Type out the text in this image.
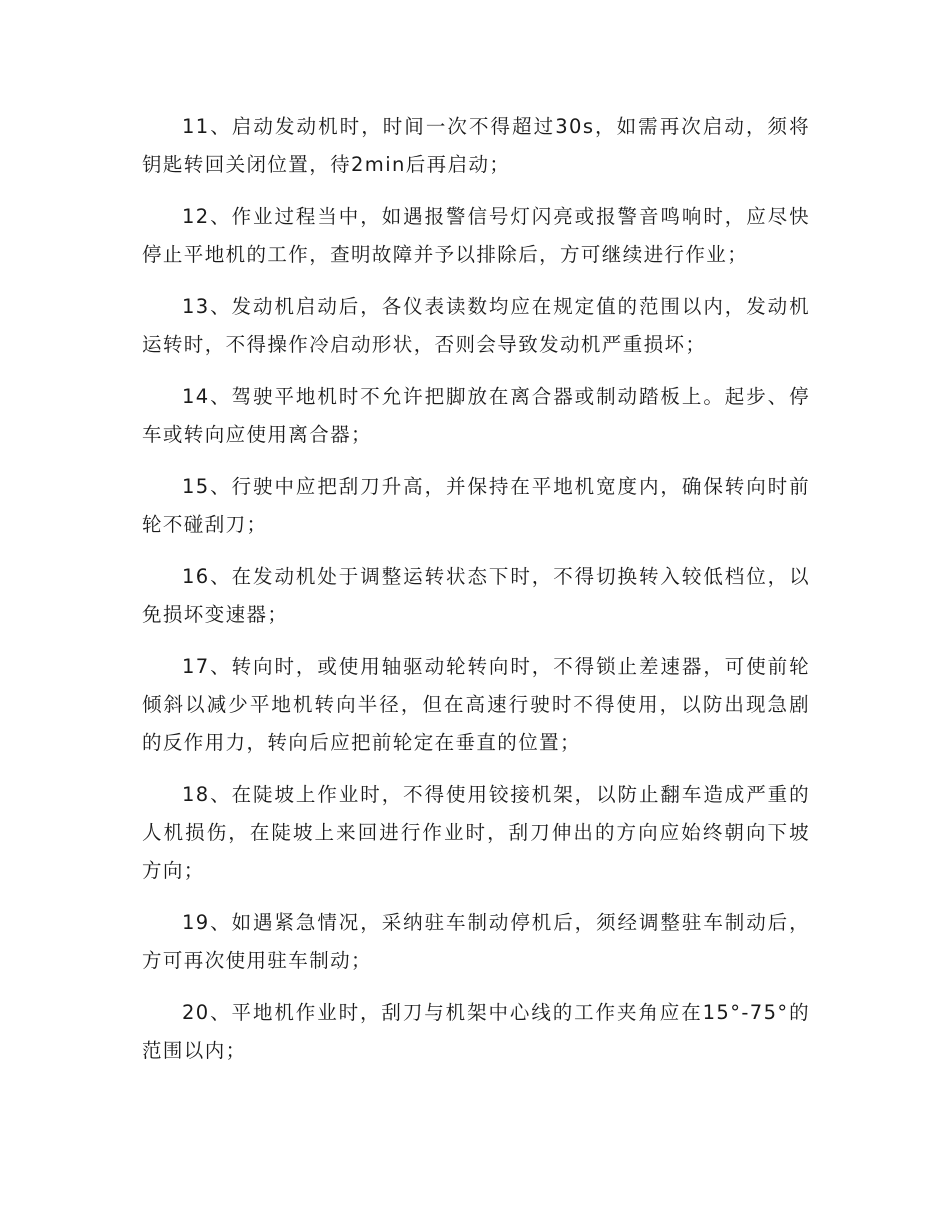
11、启动发动机时，时间一次不得超过30s，如需再次启动，须将钥匙转回关闭位置，待2min后再启动；

12、作业过程当中，如遇报警信号灯闪亮或报警音鸣响时，应尽快停止平地机的工作，查明故障并予以排除后，方可继续进行作业；

13、发动机启动后，各仪表读数均应在规定值的范围以内，发动机运转时，不得操作冷启动形状，否则会导致发动机严重损坏；

14、驾驶平地机时不允许把脚放在离合器或制动踏板上。起步、停车或转向应使用离合器；

15、行驶中应把刮刀升高，并保持在平地机宽度内，确保转向时前轮不碰刮刀；

16、在发动机处于调整运转状态下时，不得切换转入较低档位，以免损坏变速器；

17、转向时，或使用轴驱动轮转向时，不得锁止差速器，可使前轮倾斜以减少平地机转向半径，但在高速行驶时不得使用，以防出现急剧的反作用力，转向后应把前轮定在垂直的位置；

18、在陡坡上作业时，不得使用铰接机架，以防止翻车造成严重的人机损伤，在陡坡上来回进行作业时，刮刀伸出的方向应始终朝向下坡方向；

19、如遇紧急情况，采纳驻车制动停机后，须经调整驻车制动后，方可再次使用驻车制动；

20、平地机作业时，刮刀与机架中心线的工作夹角应在15°-75°的范围以内；
